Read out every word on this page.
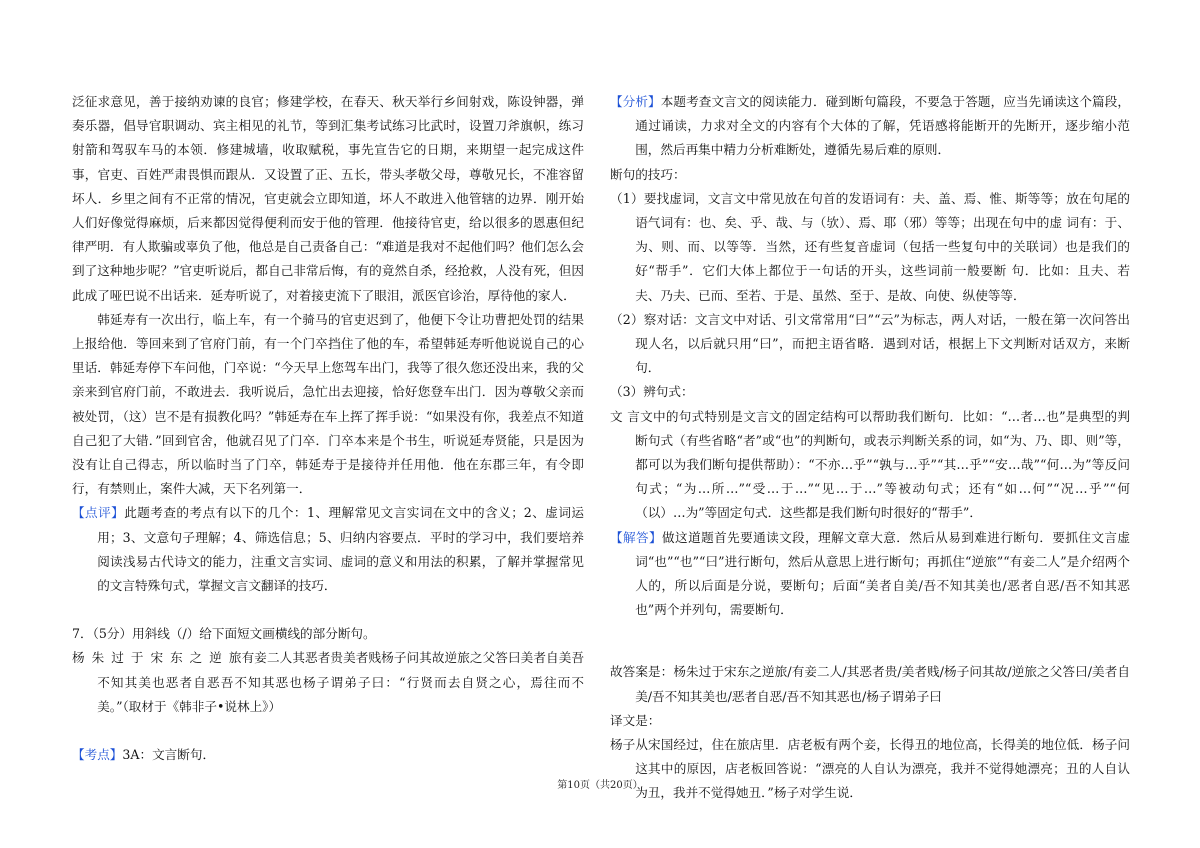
泛征求意见，善于接纳劝谏的良官；修建学校，在春天、秋天举行乡间射戏，陈设钟器，弹奏乐器，倡导官职调动、宾主相见的礼节，等到汇集考试练习比武时，设置刀斧旗帜，练习射箭和驾驭车马的本领．修建城墙，收取赋税，事先宣告它的日期，来期望一起完成这件事，官吏、百姓严肃畏惧而跟从．又设置了正、五长，带头孝敬父母，尊敬兄长，不准容留坏人．乡里之间有不正常的情况，官吏就会立即知道，坏人不敢进入他管辖的边界．刚开始人们好像觉得麻烦，后来都因觉得便利而安于他的管理．他接待官吏，给以很多的恩惠但纪律严明．有人欺骗或辜负了他，他总是自己责备自己：“难道是我对不起他们吗？他们怎么会到了这种地步呢？”官吏听说后，都自己非常后悔，有的竟然自杀，经抢救，人没有死，但因此成了哑巴说不出话来．延寿听说了，对着接吏流下了眼泪，派医官诊治，厚待他的家人．

韩延寿有一次出行，临上车，有一个骑马的官吏迟到了，他便下令让功曹把处罚的结果上报给他．等回来到了官府门前，有一个门卒挡住了他的车，希望韩延寿听他说说自己的心里话．韩延寿停下车问他，门卒说：“今天早上您驾车出门，我等了很久您还没出来，我的父亲来到官府门前，不敢进去．我听说后，急忙出去迎接，恰好您登车出门．因为尊敬父亲而被处罚，（这）岂不是有损教化吗？”韩延寿在车上挥了挥手说：“如果没有你，我差点不知道自己犯了大错．”回到官舍，他就召见了门卒．门卒本来是个书生，听说延寿贤能，只是因为没有让自己得志，所以临时当了门卒，韩延寿于是接待并任用他．他在东郡三年，有令即行，有禁则止，案件大减，天下名列第一．

【点评】此题考查的考点有以下的几个：1、理解常见文言实词在文中的含义；2、虚词运用；3、文意句子理解；4、筛选信息；5、归纳内容要点．平时的学习中，我们要培养阅读浅易古代诗文的能力，注重文言实词、虚词的意义和用法的积累，了解并掌握常见的文言特殊句式，掌握文言文翻译的技巧．

7．（5分）用斜线（/）给下面短文画横线的部分断句。

杨朱过于宋东之逆旅有妾二人其恶者贵美者贱杨子问其故逆旅之父答曰美者自美吾不知其美也恶者自恶吾不知其恶也杨子谓弟子曰：“行贤而去自贤之心，焉往而不美。”（取材于《韩非子•说林上》）

【考点】3A：文言断句．

【分析】本题考查文言文的阅读能力．碰到断句篇段，不要急于答题，应当先诵读这个篇段，通过诵读，力求对全文的内容有个大体的了解，凭语感将能断开的先断开，逐步缩小范围，然后再集中精力分析难断处，遵循先易后难的原则．

断句的技巧：

（1）要找虚词，文言文中常见放在句首的发语词有：夫、盖、焉、惟、斯等等；放在句尾的语气词有：也、矣、乎、哉、与（欤）、焉、耶（邪）等等；出现在句中的虚 词有：于、为、则、而、以等等．当然，还有些复音虚词（包括一些复句中的关联词）也是我们的好“帮手”．它们大体上都位于一句话的开头，这些词前一般要断 句．比如：且夫、若夫、乃夫、已而、至若、于是、虽然、至于、是故、向使、纵使等等．

（2）察对话：文言文中对话、引文常常用“曰”“云”为标志，两人对话，一般在第一次问答出现人名，以后就只用“曰”，而把主语省略．遇到对话，根据上下文判断对话双方，来断句．

（3）辨句式：

文 言文中的句式特别是文言文的固定结构可以帮助我们断句．比如：“…者…也”是典型的判断句式（有些省略“者”或“也”的判断句，或表示判断关系的词，如“为、乃、即、则”等，都可以为我们断句提供帮助）：“不亦…乎”“孰与…乎”“其…乎”“安…哉”“何…为”等反问句式；“为…所…”“受…于…”“见…于…”等被动句式；还有“如…何”“况…乎”“何（以）…为”等固定句式．这些都是我们断句时很好的“帮手”．

【解答】做这道题首先要通读文段，理解文章大意．然后从易到难进行断句．要抓住文言虚词“也”“也”“曰”进行断句，然后从意思上进行断句；再抓住“逆旅”“有妾二人”是介绍两个人的，所以后面是分说，要断句；后面“美者自美/吾不知其美也/恶者自恶/吾不知其恶也”两个并列句，需要断句．

故答案是：杨朱过于宋东之逆旅/有妾二人/其恶者贵/美者贱/杨子问其故/逆旅之父答曰/美者自美/吾不知其美也/恶者自恶/吾不知其恶也/杨子谓弟子曰

译文是：

杨子从宋国经过，住在旅店里．店老板有两个妾，长得丑的地位高，长得美的地位低．杨子问这其中的原因，店老板回答说：“漂亮的人自认为漂亮，我并不觉得她漂亮；丑的人自认为丑，我并不觉得她丑．”杨子对学生说．

第10页（共20页）
